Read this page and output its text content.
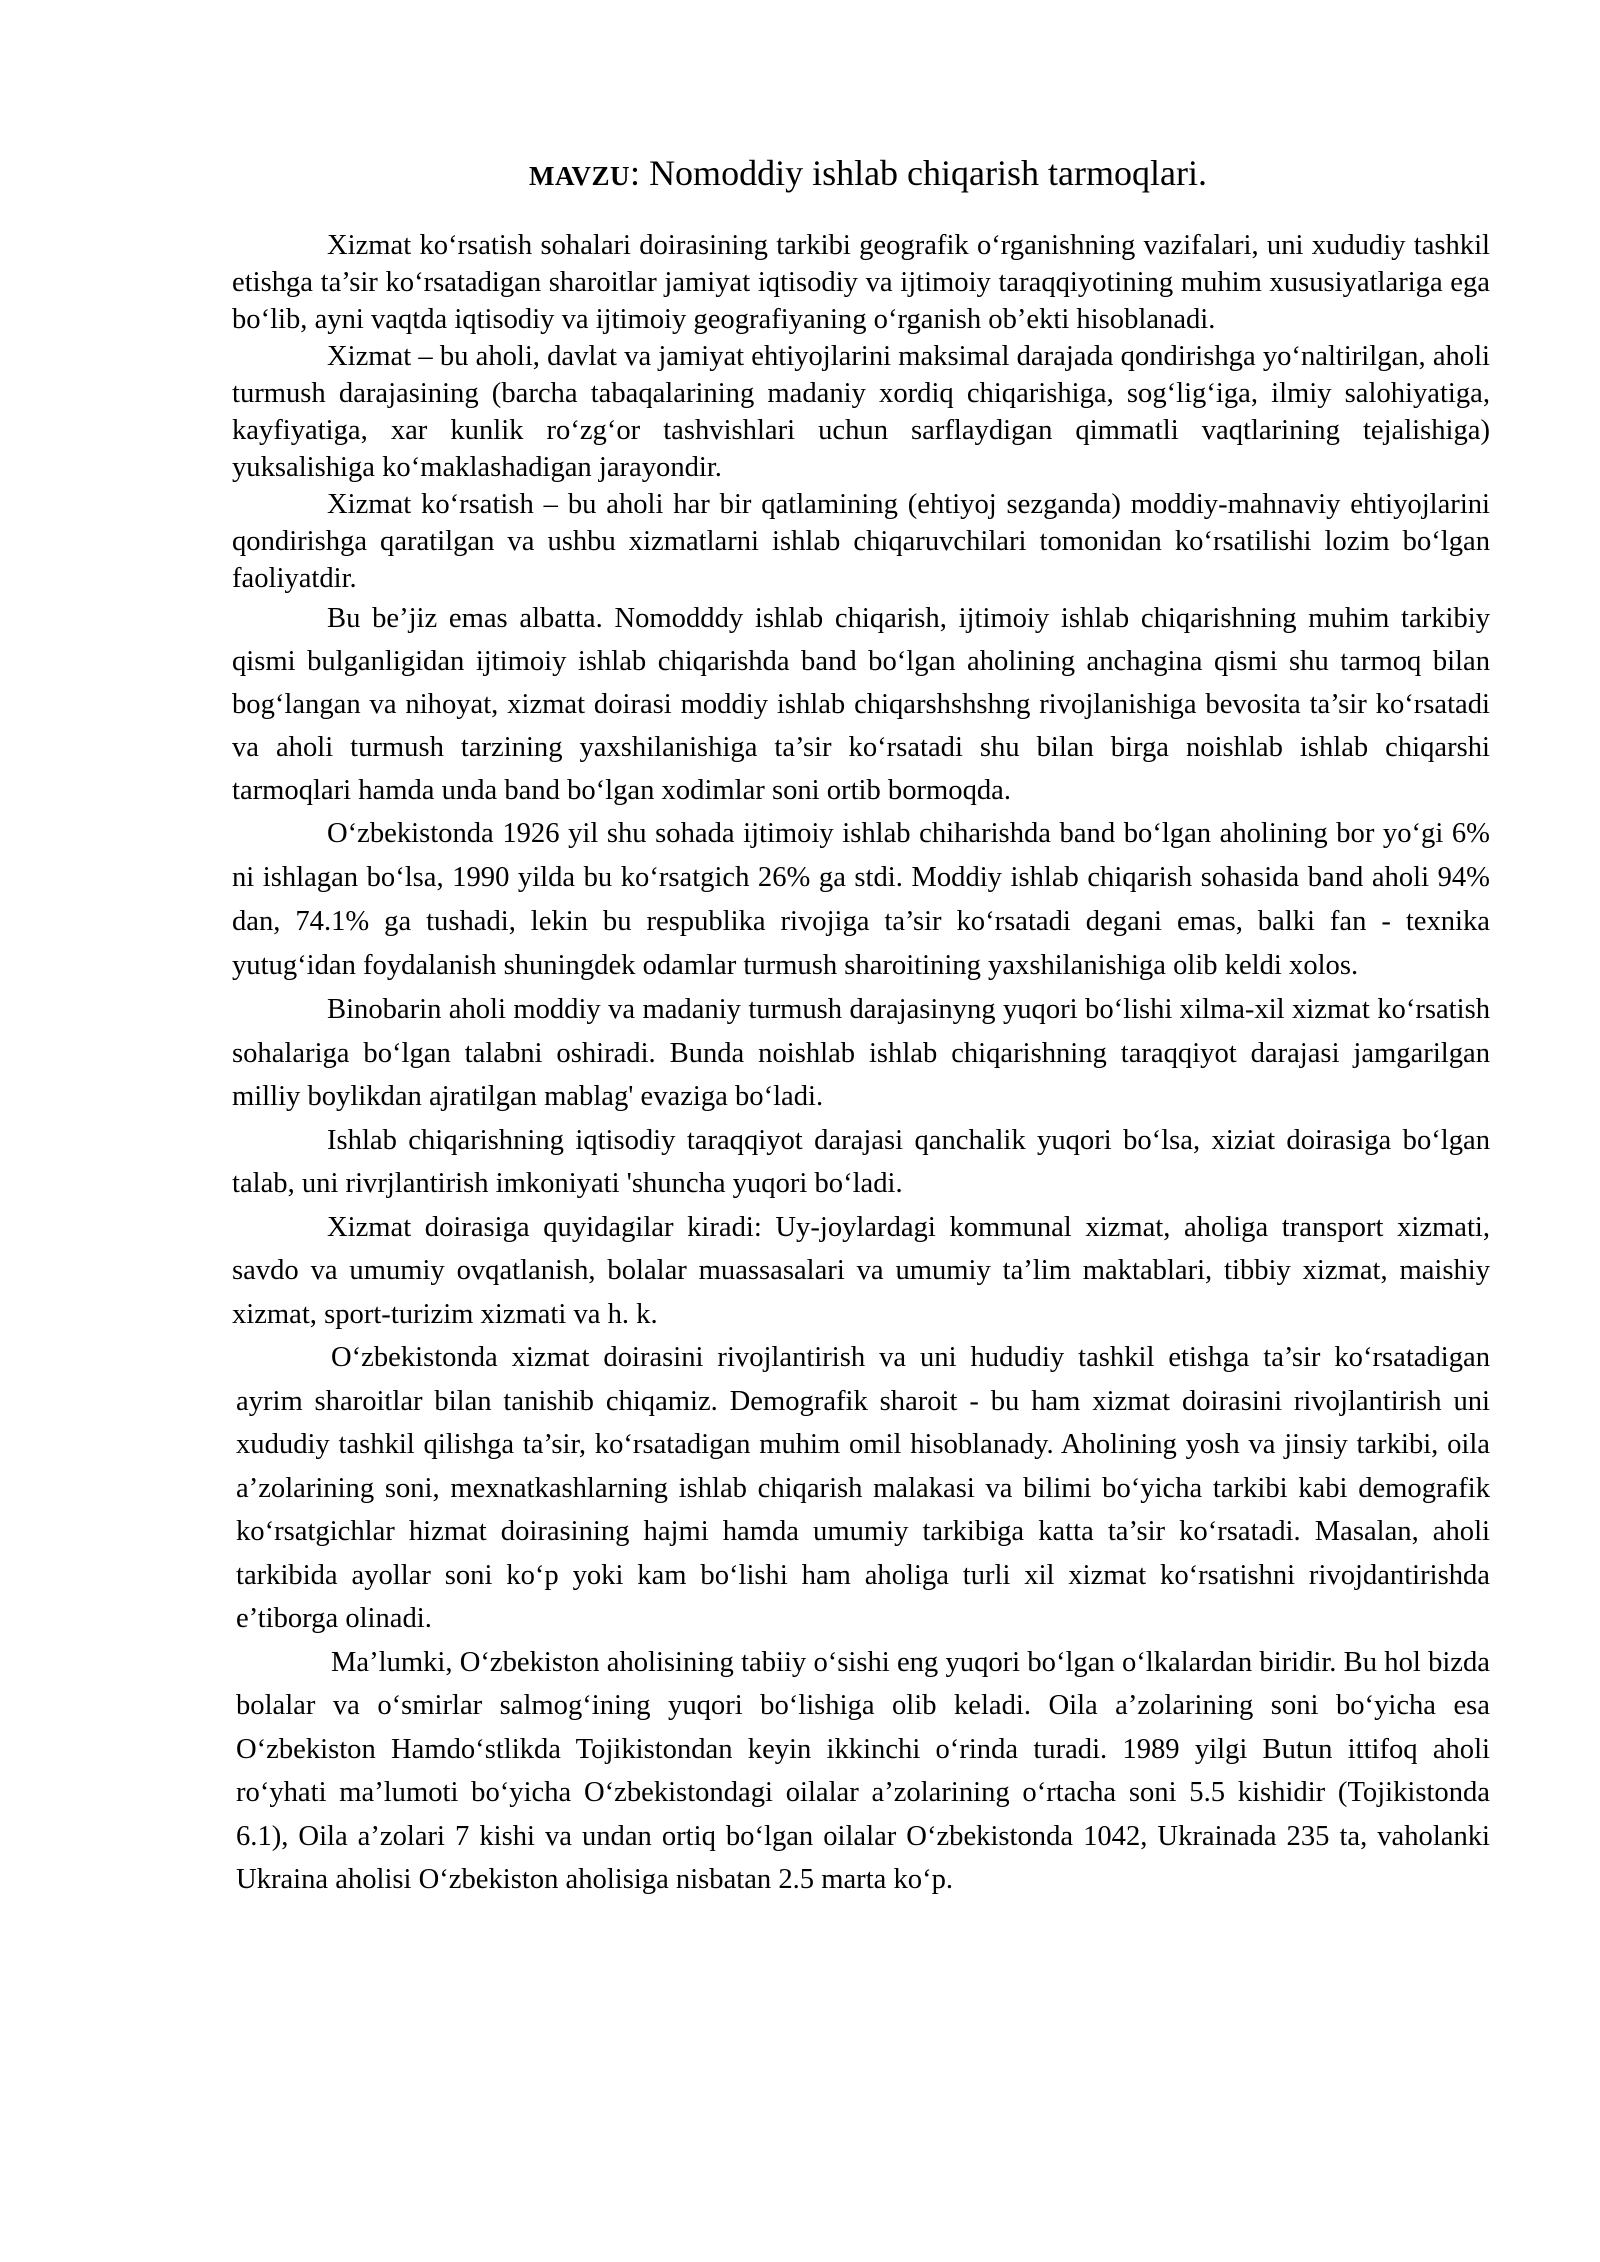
MAVZU: Nomoddiy ishlab chiqarish tarmoqlari.

Xizmat ko‘rsatish sohalari doirasining tarkibi geografik o‘rganishning vazifalari, uni xududiy tashkil etishga ta’sir ko‘rsatadigan sharoitlar jamiyat iqtisodiy va ijtimoiy taraqqiyotining muhim xususiyatlariga ega bo‘lib, ayni vaqtda iqtisodiy va ijtimoiy geografiyaning o‘rganish ob’ekti hisoblanadi.

Xizmat – bu aholi, davlat va jamiyat ehtiyojlarini maksimal darajada qondirishga yo‘naltirilgan, aholi turmush darajasining (barcha tabaqalarining madaniy xordiq chiqarishiga, sog‘lig‘iga, ilmiy salohiyatiga, kayfiyatiga, xar kunlik ro‘zg‘or tashvishlari uchun sarflaydigan qimmatli vaqtlarining tejalishiga) yuksalishiga ko‘maklashadigan jarayondir.

Xizmat ko‘rsatish – bu aholi har bir qatlamining (ehtiyoj sezganda) moddiy-mahnaviy ehtiyojlarini qondirishga qaratilgan va ushbu xizmatlarni ishlab chiqaruvchilari tomonidan ko‘rsatilishi lozim bo‘lgan faoliyatdir.

Bu be’jiz emas albatta. Nomodddy ishlab chiqarish, ijtimoiy ishlab chiqarishning muhim tarkibiy qismi bulganligidan ijtimoiy ishlab chiqarishda band bo‘lgan aholining anchagina qismi shu tarmoq bilan bog‘langan va nihoyat, xizmat doirasi moddiy ishlab chiqarshshshng rivojlanishiga bevosita ta’sir ko‘rsatadi va aholi turmush tarzining yaxshilanishiga ta’sir ko‘rsatadi shu bilan birga noishlab ishlab chiqarshi tarmoqlari hamda unda band bo‘lgan xodimlar soni ortib bormoqda.

O‘zbekistonda 1926 yil shu sohada ijtimoiy ishlab chiharishda band bo‘lgan aholining bor yo‘gi 6% ni ishlagan bo‘lsa, 1990 yilda bu ko‘rsatgich 26% ga stdi. Moddiy ishlab chiqarish sohasida band aholi 94% dan, 74.1% ga tushadi, lekin bu respublika rivojiga ta’sir ko‘rsatadi degani emas, balki fan - texnika yutug‘idan foydalanish shuningdek odamlar turmush sharoitining yaxshilanishiga olib keldi xolos.

Binobarin aholi moddiy va madaniy turmush darajasinyng yuqori bo‘lishi xilma-xil xizmat ko‘rsatish sohalariga bo‘lgan talabni oshiradi. Bunda noishlab ishlab chiqarishning taraqqiyot darajasi jamgarilgan milliy boylikdan ajratilgan mablag' evaziga bo‘ladi.

Ishlab chiqarishning iqtisodiy taraqqiyot darajasi qanchalik yuqori bo‘lsa, xiziat doirasiga bo‘lgan talab, uni rivrjlantirish imkoniyati 'shuncha yuqori bo‘ladi.

Xizmat doirasiga quyidagilar kiradi: Uy-joylardagi kommunal xizmat, aholiga transport xizmati, savdo va umumiy ovqatlanish, bolalar muassasalari va umumiy ta’lim maktablari, tibbiy xizmat, maishiy xizmat, sport-turizim xizmati va h. k.

O‘zbekistonda xizmat doirasini rivojlantirish va uni hududiy tashkil etishga ta’sir ko‘rsatadigan ayrim sharoitlar bilan tanishib chiqamiz. Demografik sharoit - bu ham xizmat doirasini rivojlantirish uni xududiy tashkil qilishga ta’sir, ko‘rsatadigan muhim omil hisoblanady. Aholining yosh va jinsiy tarkibi, oila a’zolarining soni, mexnatkashlarning ishlab chiqarish malakasi va bilimi bo‘yicha tarkibi kabi demografik ko‘rsatgichlar hizmat doirasining hajmi hamda umumiy tarkibiga katta ta’sir ko‘rsatadi. Masalan, aholi tarkibida ayollar soni ko‘p yoki kam bo‘lishi ham aholiga turli xil xizmat ko‘rsatishni rivojdantirishda e’tiborga olinadi.

Ma’lumki, O‘zbekiston aholisining tabiiy o‘sishi eng yuqori bo‘lgan o‘lkalardan biridir. Bu hol bizda bolalar va o‘smirlar salmog‘ining yuqori bo‘lishiga olib keladi. Oila a’zolarining soni bo‘yicha esa O‘zbekiston Hamdo‘stlikda Tojikistondan keyin ikkinchi o‘rinda turadi. 1989 yilgi Butun ittifoq aholi ro‘yhati ma’lumoti bo‘yicha O‘zbekistondagi oilalar a’zolarining o‘rtacha soni 5.5 kishidir (Tojikistonda 6.1), Oila a’zolari 7 kishi va undan ortiq bo‘lgan oilalar O‘zbekistonda 1042, Ukrainada 235 ta, vaholanki Ukraina aholisi O‘zbekiston aholisiga nisbatan 2.5 marta ko‘p.
